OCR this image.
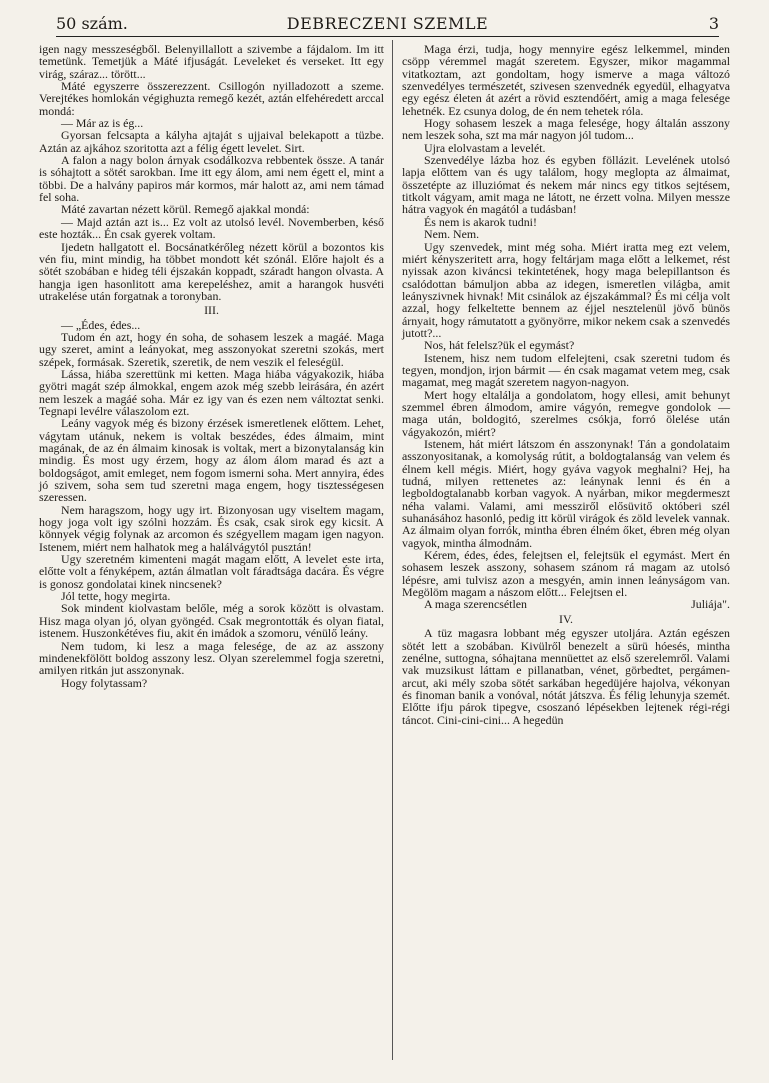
50 szám.	DEBRECZENI SZEMLE	3

igen nagy messzeségből. Belenyillallott a szivembe a fájdalom. Im itt temetünk. Temetjük a Máté ifjuságát. Leveleket és verseket. Itt egy virág, száraz... törött...

Máté egyszerre összerezzent. Csillogón nyilladozott a szeme. Verejtékes homlokán végighuzta remegő kezét, aztán elfehéredett arccal mondá:

— Már az is ég...

Gyorsan felcsapta a kályha ajtaját s ujjaival belekapott a tüzbe. Aztán az ajkához szoritotta azt a félig égett levelet. Sirt.

A falon a nagy bolon árnyak csodálkozva rebbentek össze. A tanár is sóhajtott a sötét sarokban. Ime itt egy álom, ami nem égett el, mint a többi. De a halvány papiros már kormos, már halott az, ami nem támad fel soha.

Máté zavartan nézett körül. Remegő ajakkal mondá:

— Majd aztán azt is... Ez volt az utolsó levél. Novemberben, késő este hozták... Én csak gyerek voltam.

Ijedetn hallgatott el. Bocsánatkérőleg nézett körül a bozontos kis vén fiu, mint mindig, ha többet mondott két szónál. Előre hajolt és a sötét szobában e hideg téli éjszakán koppadt, száradt hangon olvasta. A hangja igen hasonlitott ama kerepeléshez, amit a harangok husvéti utrakelése után forgatnak a toronyban.

III.

— „Édes, édes...

Tudom én azt, hogy én soha, de sohasem leszek a magáé. Maga ugy szeret, amint a leányokat, meg asszonyokat szeretni szokás, mert szépek, formásak. Szeretik, szeretik, de nem veszik el feleségül.

Lássa, hiába szerettünk mi ketten. Maga hiába vágyakozik, hiába gyötri magát szép álmokkal, engem azok még szebb leirására, én azért nem leszek a magáé soha. Már ez igy van és ezen nem változtat senki. Tegnapi levélre válaszolom ezt.

Leány vagyok még és bizony érzések ismeretlenek előttem. Lehet, vágytam utánuk, nekem is voltak beszédes, édes álmaim, mint magának, de az én álmaim kinosak is voltak, mert a bizonytalanság kin mindig. És most ugy érzem, hogy az álom álom marad és azt a boldogságot, amit emleget, nem fogom ismerni soha. Mert annyira, édes jó szivem, soha sem tud szeretni maga engem, hogy tisztességesen szeressen.

Nem haragszom, hogy ugy irt. Bizonyosan ugy viseltem magam, hogy joga volt igy szólni hozzám. És csak, csak sirok egy kicsit. A könnyek végig folynak az arcomon és szégyellem magam igen nagyon. Istenem, miért nem halhatok meg a halálvágytól pusztán!

Ugy szeretném kimenteni magát magam előtt, A levelet este irta, előtte volt a fényképem, aztán álmatlan volt fáradtsága dacára. És végre is gonosz gondolatai kinek nincsenek?

Jól tette, hogy megirta.

Sok mindent kiolvastam belőle, még a sorok között is olvastam. Hisz maga olyan jó, olyan gyöngéd. Csak megrontották és olyan fiatal, istenem. Huszonkétéves fiu, akit én imádok a szomoru, vénülő leány.

Nem tudom, ki lesz a maga felesége, de az az asszony mindenekfölött boldog asszony lesz. Olyan szerelemmel fogja szeretni, amilyen ritkán jut asszonynak.

Hogy folytassam?

Maga érzi, tudja, hogy mennyire egész lelkemmel, minden csöpp véremmel magát szeretem. Egyszer, mikor magammal vitatkoztam, azt gondoltam, hogy ismerve a maga változó szenvedélyes természetét, szivesen szenvednék egyedül, elhagyatva egy egész életen át azért a rövid esztendőért, amig a maga felesége lehetnék. Ez csunya dolog, de én nem tehetek róla.

Hogy sohasem leszek a maga felesége, hogy általán asszony nem leszek soha, szt ma már nagyon jól tudom...

Ujra elolvastam a levelét.

Szenvedélye lázba hoz és egyben föllázit. Levelének utolsó lapja előttem van és ugy találom, hogy meglopta az álmaimat, összetépte az illuziómat és nekem már nincs egy titkos sejtésem, titkolt vágyam, amit maga ne látott, ne érzett volna. Milyen messze hátra vagyok én magától a tudásban!

És nem is akarok tudni!

Nem. Nem.

Ugy szenvedek, mint még soha. Miért iratta meg ezt velem, miért kényszeritett arra, hogy feltárjam maga előtt a lelkemet, rést nyissak azon kiváncsi tekintetének, hogy maga belepillantson és csalódottan bámuljon abba az idegen, ismeretlen világba, amit leányszivnek hivnak! Mit csinálok az éjszakámmal? És mi célja volt azzal, hogy felkeltette bennem az éjjel nesztelenül jövő bünös árnyait, hogy rámutatott a gyönyörre, mikor nekem csak a szenvedés jutott?...

Nos, hát felelsz?ük el egymást?

Istenem, hisz nem tudom elfelejteni, csak szeretni tudom és tegyen, mondjon, irjon bármit — én csak magamat vetem meg, csak magamat, meg magát szeretem nagyon-nagyon.

Mert hogy eltalálja a gondolatom, hogy ellesi, amit behunyt szemmel ébren álmodom, amire vágyón, remegve gondolok — maga után, boldogitó, szerelmes csókja, forró ölelése után vágyakozón, miért?

Istenem, hát miért látszom én asszonynak! Tán a gondolataim asszonyositanak, a komolyság rútit, a boldogtalanság van velem és élnem kell mégis. Miért, hogy gyáva vagyok meghalni? Hej, ha tudná, milyen rettenetes az: leánynak lenni és én a legboldogtalanabb korban vagyok. A nyárban, mikor megdermeszt néha valami. Valami, ami messziről elősüvitő októberi szél suhanásához hasonló, pedig itt körül virágok és zöld levelek vannak. Az álmaim olyan forrók, mintha ébren élném őket, ébren még olyan vagyok, mintha álmodnám.

Kérem, édes, édes, felejtsen el, felejtsük el egymást. Mert én sohasem leszek asszony, sohasem szánom rá magam az utolsó lépésre, ami tulvisz azon a mesgyén, amin innen leányságom van. Megölöm magam a nászom előtt... Felejtsen el.

A maga szerencsétlen	Juliája".

IV.

A tüz magasra lobbant még egyszer utoljára. Aztán egészen sötét lett a szobában. Kivülről benezelt a sürü hóesés, mintha zenélne, suttogna, sóhajtana mennüettet az első szerelemről. Valami vak muzsikust láttam e pillanatban, vénet, görbedtet, pergámen-arcut, aki mély szoba sötét sarkában hegedüjére hajolva, vékonyan és finoman banik a vonóval, nótát játszva. És félig lehunyja szemét. Előtte ifju párok tipegve, csoszanó lépésekben lejtenek régi-régi táncot. Cini-cini-cini... A hegedün
